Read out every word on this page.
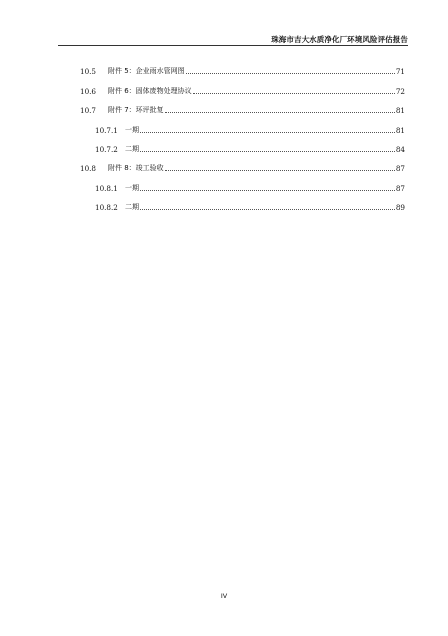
珠海市吉大水质净化厂环境风险评估报告
10.5	附件 5：企业雨水管网图	71
10.6	附件 6：固体废物处理协议	72
10.7	附件 7：环评批复	81
10.7.1	一期	81
10.7.2	二期	84
10.8	附件 8：竣工验收	87
10.8.1	一期	87
10.8.2	二期	89
IV
